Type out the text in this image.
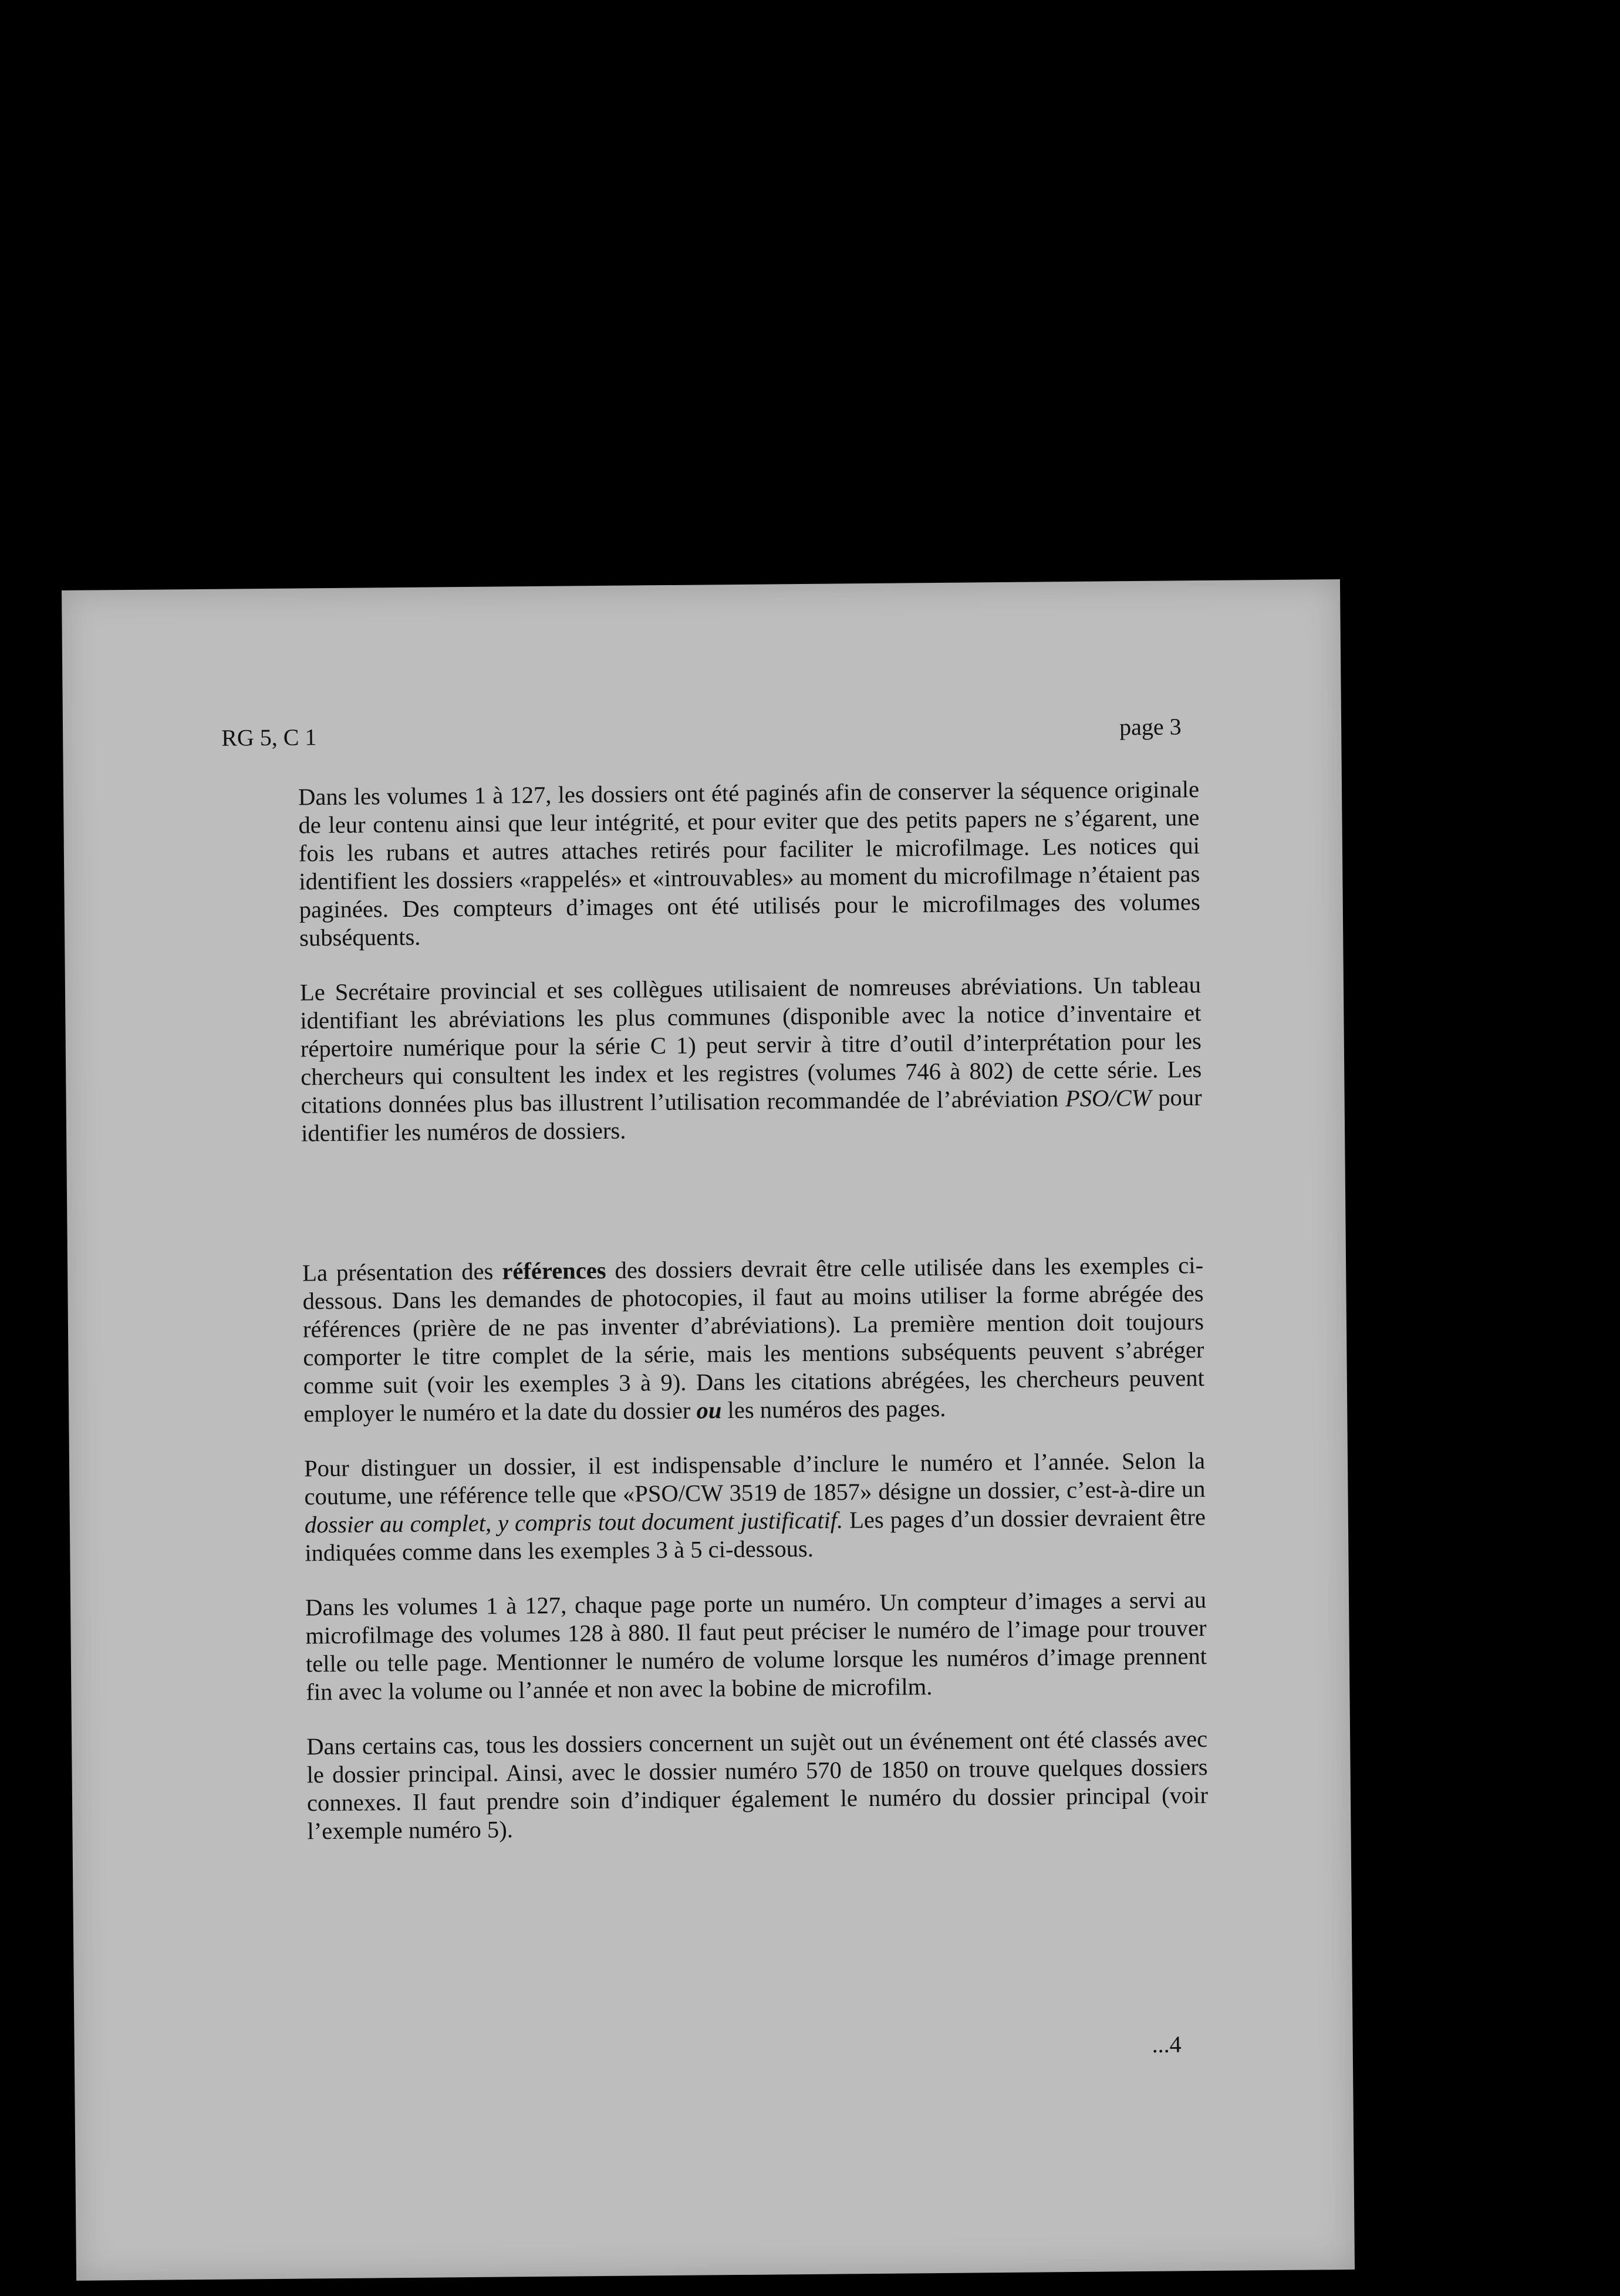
RG 5, C 1	page 3

Dans les volumes 1 à 127, les dossiers ont été paginés afin de conserver la séquence originale de leur contenu ainsi que leur intégrité, et pour eviter que des petits papers ne s’égarent, une fois les rubans et autres attaches retirés pour faciliter le microfilmage. Les notices qui identifient les dossiers «rappelés» et «introuvables» au moment du microfilmage n’étaient pas paginées. Des compteurs d’images ont été utilisés pour le microfilmages des volumes subséquents.

Le Secrétaire provincial et ses collègues utilisaient de nomreuses abréviations. Un tableau identifiant les abréviations les plus communes (disponible avec la notice d’inventaire et répertoire numérique pour la série C 1) peut servir à titre d’outil d’interprétation pour les chercheurs qui consultent les index et les registres (volumes 746 à 802) de cette série. Les citations données plus bas illustrent l’utilisation recommandée de l’abréviation PSO/CW pour identifier les numéros de dossiers.

La présentation des références des dossiers devrait être celle utilisée dans les exemples ci-dessous. Dans les demandes de photocopies, il faut au moins utiliser la forme abrégée des références (prière de ne pas inventer d’abréviations). La première mention doit toujours comporter le titre complet de la série, mais les mentions subséquents peuvent s’abréger comme suit (voir les exemples 3 à 9). Dans les citations abrégées, les chercheurs peuvent employer le numéro et la date du dossier ou les numéros des pages.

Pour distinguer un dossier, il est indispensable d’inclure le numéro et l’année. Selon la coutume, une référence telle que «PSO/CW 3519 de 1857» désigne un dossier, c’est-à-dire un dossier au complet, y compris tout document justificatif. Les pages d’un dossier devraient être indiquées comme dans les exemples 3 à 5 ci-dessous.

Dans les volumes 1 à 127, chaque page porte un numéro. Un compteur d’images a servi au microfilmage des volumes 128 à 880. Il faut peut préciser le numéro de l’image pour trouver telle ou telle page. Mentionner le numéro de volume lorsque les numéros d’image prennent fin avec la volume ou l’année et non avec la bobine de microfilm.

Dans certains cas, tous les dossiers concernent un sujèt out un événement ont été classés avec le dossier principal. Ainsi, avec le dossier numéro 570 de 1850 on trouve quelques dossiers connexes. Il faut prendre soin d’indiquer également le numéro du dossier principal (voir l’exemple numéro 5).

...4
